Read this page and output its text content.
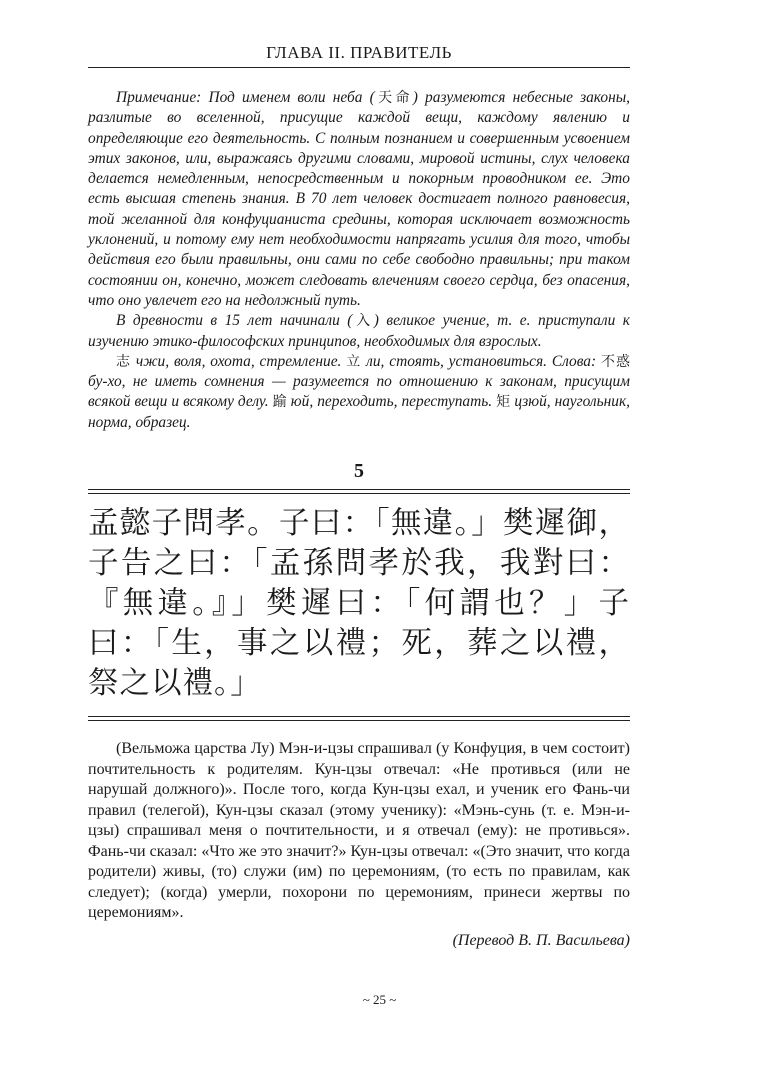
ГЛАВА II. ПРАВИТЕЛЬ

Примечание: Под именем воли неба (天命) разумеются небесные законы, разлитые во вселенной, присущие каждой вещи, каждому явлению и определяющие его деятельность. С полным познанием и совершенным усвоением этих законов, или, выражаясь другими словами, мировой истины, слух человека делается немедленным, непосредственным и покорным проводником ее. Это есть высшая степень знания. В 70 лет человек достигает полного равновесия, той желанной для конфуцианиста средины, которая исключает возможность уклонений, и потому ему нет необходимости напрягать усилия для того, чтобы действия его были правильны, они сами по себе свободно правильны; при таком состоянии он, конечно, может следовать влечениям своего сердца, без опасения, что оно увлечет его на недолжный путь.

В древности в 15 лет начинали (入) великое учение, т. е. приступали к изучению этико-философских принципов, необходимых для взрослых.

志 чжи, воля, охота, стремление. 立 ли, стоять, установиться. Слова: 不惑 бу-хо, не иметь сомнения — разумеется по отношению к законам, присущим всякой вещи и всякому делу. 踰 юй, переходить, переступать. 矩 цзюй, наугольник, норма, образец.

5
孟懿子問孝。子曰：「無違。」樊遲御，子告之曰：「孟孫問孝於我，我對曰：『無違。』」樊遲曰：「何謂也？」子曰：「生，事之以禮；死，葬之以禮，祭之以禮。」

(Вельможа царства Лу) Мэн-и-цзы спрашивал (у Конфуция, в чем состоит) почтительность к родителям. Кун-цзы отвечал: «Не противься (или не нарушай должного)». После того, когда Кун-цзы ехал, и ученик его Фань-чи правил (телегой), Кун-цзы сказал (этому ученику): «Мэнь-сунь (т. е. Мэн-и-цзы) спрашивал меня о почтительности, и я отвечал (ему): не противься». Фань-чи сказал: «Что же это значит?» Кун-цзы отвечал: «(Это значит, что когда родители) живы, (то) служи (им) по церемониям, (то есть по правилам, как следует); (когда) умерли, похорони по церемониям, принеси жертвы по церемониям».

(Перевод В. П. Васильева)
~ 25 ~
